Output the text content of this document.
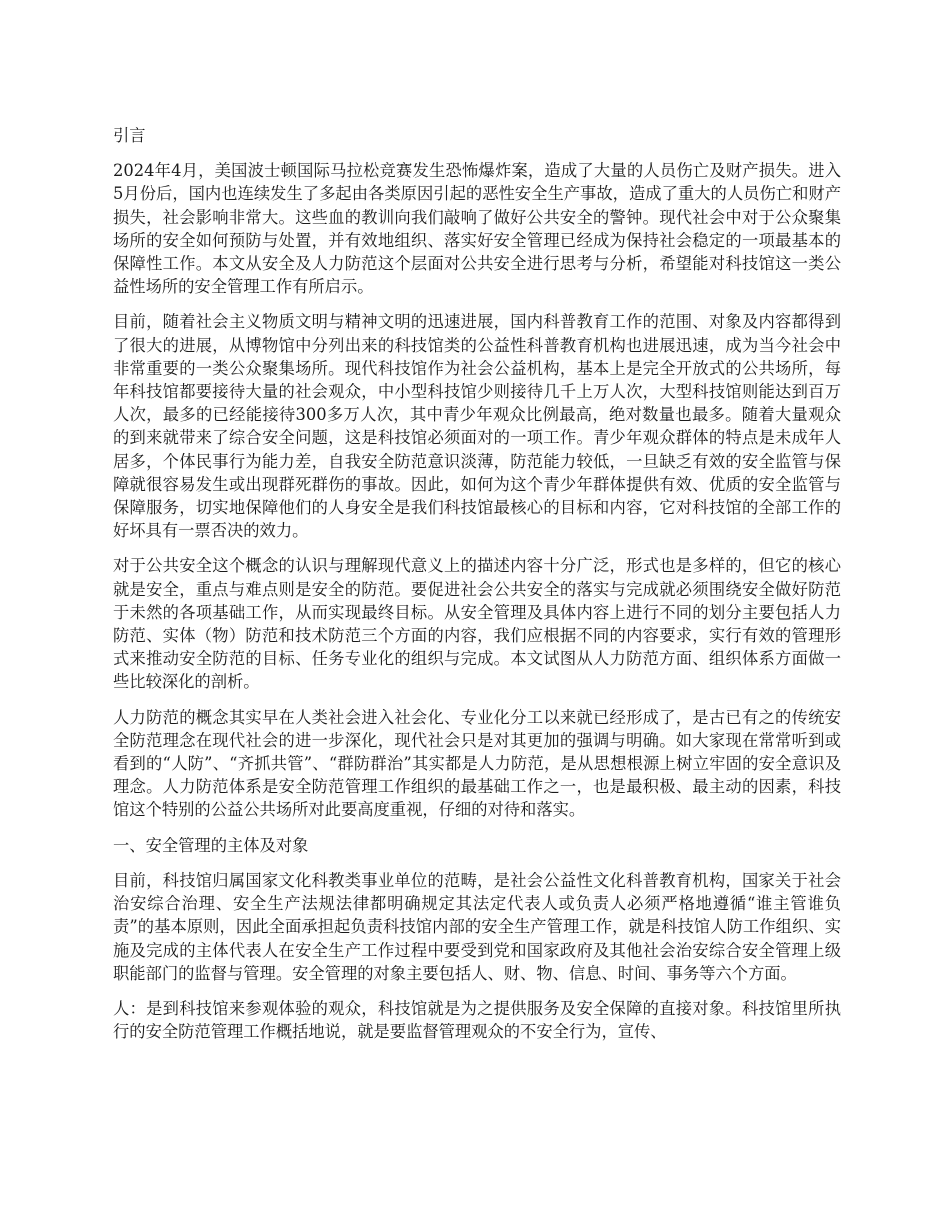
引言

2024年4月，美国波士顿国际马拉松竞赛发生恐怖爆炸案，造成了大量的人员伤亡及财产损失。进入5月份后，国内也连续发生了多起由各类原因引起的恶性安全生产事故，造成了重大的人员伤亡和财产损失，社会影响非常大。这些血的教训向我们敲响了做好公共安全的警钟。现代社会中对于公众聚集场所的安全如何预防与处置，并有效地组织、落实好安全管理已经成为保持社会稳定的一项最基本的保障性工作。本文从安全及人力防范这个层面对公共安全进行思考与分析，希望能对科技馆这一类公益性场所的安全管理工作有所启示。

目前，随着社会主义物质文明与精神文明的迅速进展，国内科普教育工作的范围、对象及内容都得到了很大的进展，从博物馆中分列出来的科技馆类的公益性科普教育机构也进展迅速，成为当今社会中非常重要的一类公众聚集场所。现代科技馆作为社会公益机构，基本上是完全开放式的公共场所，每年科技馆都要接待大量的社会观众，中小型科技馆少则接待几千上万人次，大型科技馆则能达到百万人次，最多的已经能接待300多万人次，其中青少年观众比例最高，绝对数量也最多。随着大量观众的到来就带来了综合安全问题，这是科技馆必须面对的一项工作。青少年观众群体的特点是未成年人居多，个体民事行为能力差，自我安全防范意识淡薄，防范能力较低，一旦缺乏有效的安全监管与保障就很容易发生或出现群死群伤的事故。因此，如何为这个青少年群体提供有效、优质的安全监管与保障服务，切实地保障他们的人身安全是我们科技馆最核心的目标和内容，它对科技馆的全部工作的好坏具有一票否决的效力。

对于公共安全这个概念的认识与理解现代意义上的描述内容十分广泛，形式也是多样的，但它的核心就是安全，重点与难点则是安全的防范。要促进社会公共安全的落实与完成就必须围绕安全做好防范于未然的各项基础工作，从而实现最终目标。从安全管理及具体内容上进行不同的划分主要包括人力防范、实体（物）防范和技术防范三个方面的内容，我们应根据不同的内容要求，实行有效的管理形式来推动安全防范的目标、任务专业化的组织与完成。本文试图从人力防范方面、组织体系方面做一些比较深化的剖析。

人力防范的概念其实早在人类社会进入社会化、专业化分工以来就已经形成了，是古已有之的传统安全防范理念在现代社会的进一步深化，现代社会只是对其更加的强调与明确。如大家现在常常听到或看到的“人防”、“齐抓共管”、“群防群治”其实都是人力防范，是从思想根源上树立牢固的安全意识及理念。人力防范体系是安全防范管理工作组织的最基础工作之一，也是最积极、最主动的因素，科技馆这个特别的公益公共场所对此要高度重视，仔细的对待和落实。

一、安全管理的主体及对象

目前，科技馆归属国家文化科教类事业单位的范畴，是社会公益性文化科普教育机构，国家关于社会治安综合治理、安全生产法规法律都明确规定其法定代表人或负责人必须严格地遵循“谁主管谁负责”的基本原则，因此全面承担起负责科技馆内部的安全生产管理工作，就是科技馆人防工作组织、实施及完成的主体代表人在安全生产工作过程中要受到党和国家政府及其他社会治安综合安全管理上级职能部门的监督与管理。安全管理的对象主要包括人、财、物、信息、时间、事务等六个方面。

人：是到科技馆来参观体验的观众，科技馆就是为之提供服务及安全保障的直接对象。科技馆里所执行的安全防范管理工作概括地说，就是要监督管理观众的不安全行为，宣传、
